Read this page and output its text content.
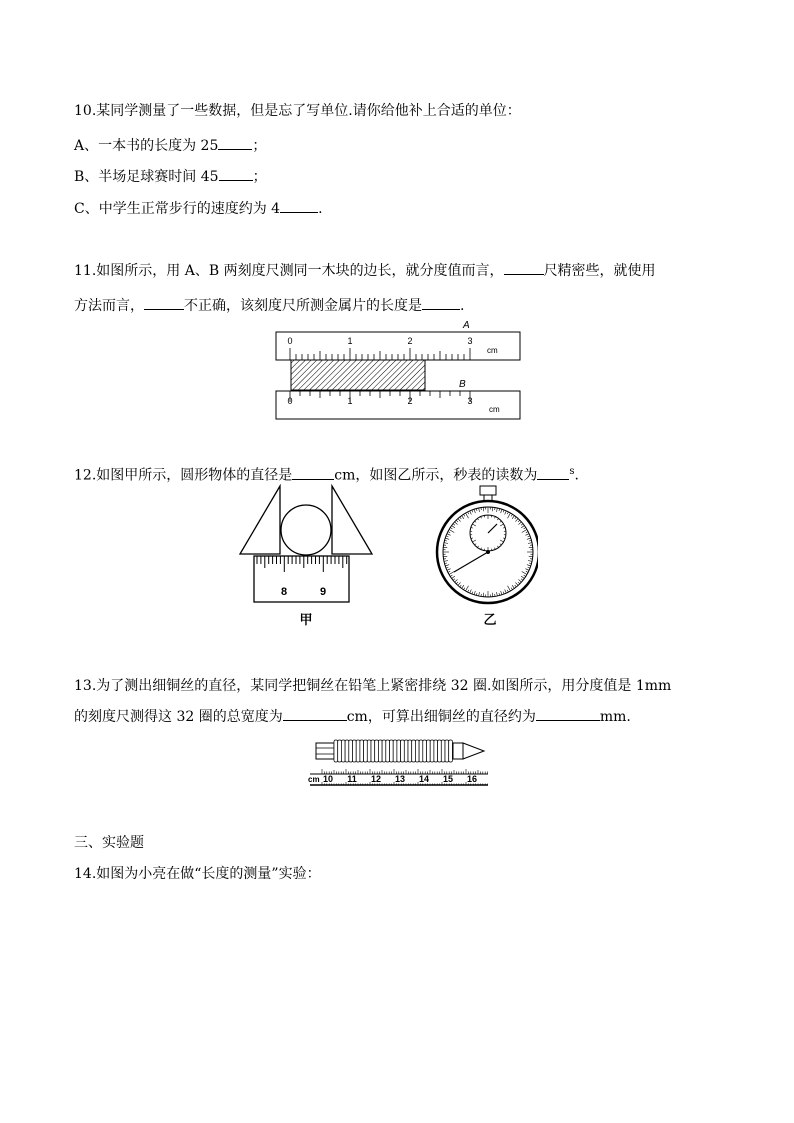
10.某同学测量了一些数据，但是忘了写单位.请你给他补上合适的单位：
A、一本书的长度为 25 ；
B、半场足球赛时间 45 ；
C、中学生正常步行的速度约为 4	.
11.如图所示，用 A、B 两刻度尺测同一木块的边长，就分度值而言，	尺精密些，就使用
方法而言，	不正确，该刻度尺所测金属片的长度是	.
A
0	1	2	3
cm
B
0	1	2	3
cm
12.如图甲所示，圆形物体的直径是	cm，如图乙所示，秒表的读数为	$^s$.
8	9
甲	乙
13.为了测出细铜丝的直径，某同学把铜丝在铅笔上紧密排绕 32 圈.如图所示，用分度值是 1mm
的刻度尺测得这 32 圈的总宽度为	cm，可算出细铜丝的直径约为	mm.
cm 10 11 12 13 14 15 16
三、实验题
14.如图为小亮在做“长度的测量”实验：
